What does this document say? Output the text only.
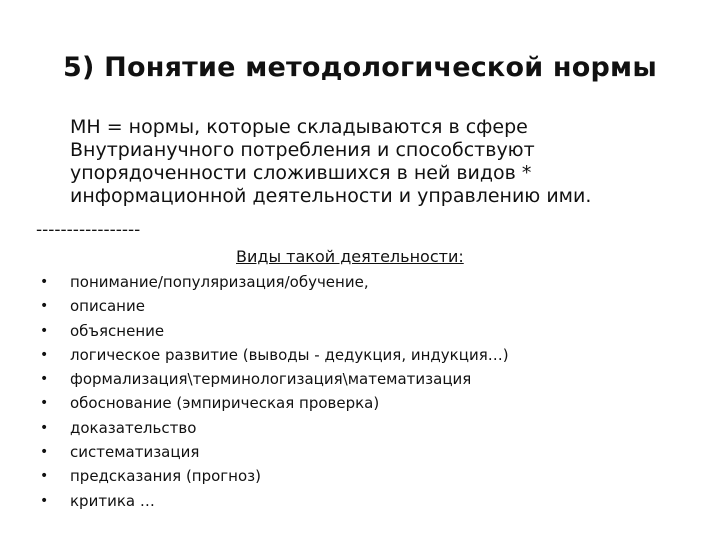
5) Понятие методологической нормы
МН = нормы, которые складываются в сфере
Внутрианучного потребления и способствуют
упорядоченности сложившихся в ней видов *
информационной деятельности и управлению ими.
-----------------
Виды такой деятельности:
• понимание/популяризация/обучение,
• описание
• объяснение
• логическое развитие (выводы - дедукция, индукция…)
• формализация\терминологизация\математизация
• обоснование (эмпирическая проверка)
• доказательство
• систематизация
• предсказания (прогноз)
• критика …
